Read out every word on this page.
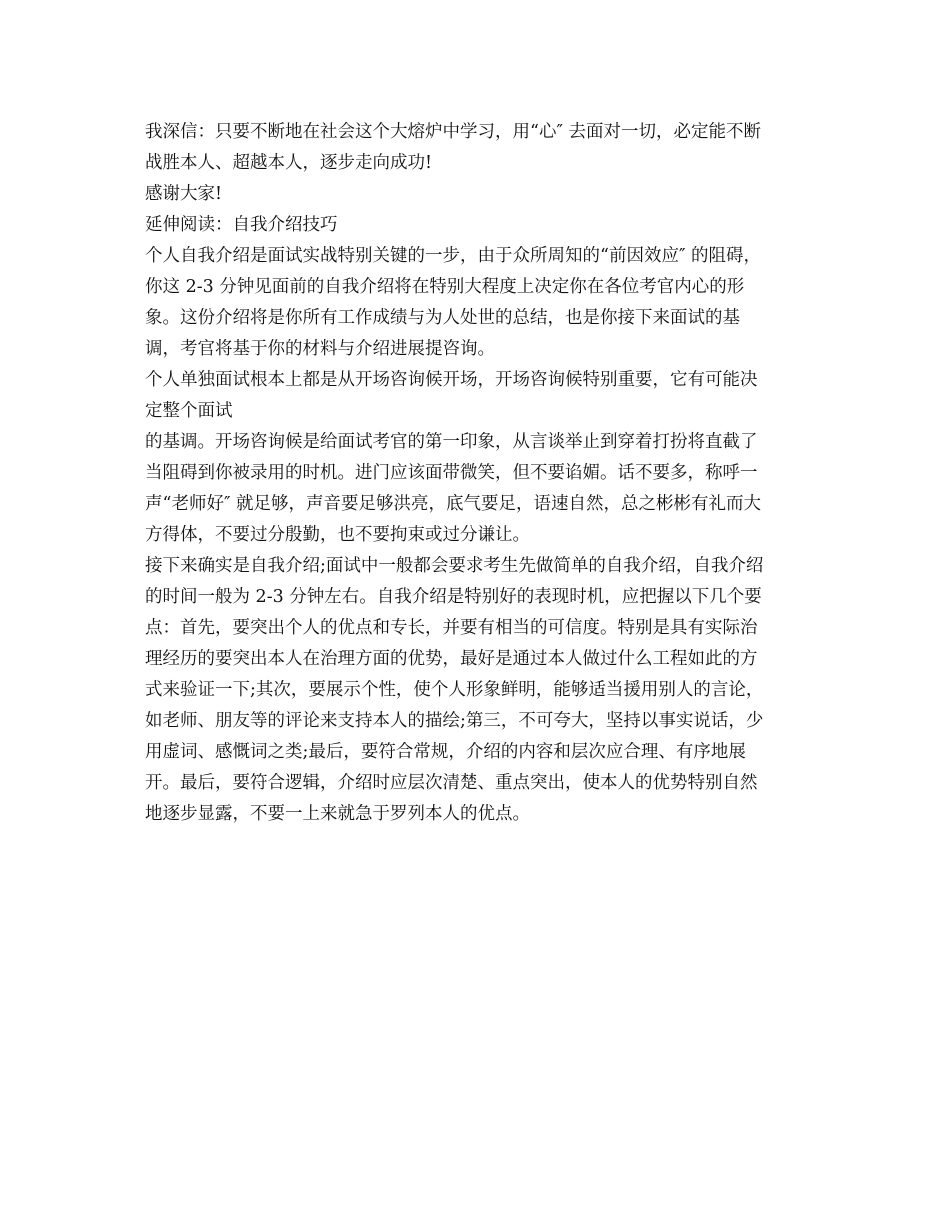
我深信：只要不断地在社会这个大熔炉中学习，用“心″ 去面对一切，必定能不断
战胜本人、超越本人，逐步走向成功!
感谢大家!
延伸阅读：自我介绍技巧
个人自我介绍是面试实战特别关键的一步，由于众所周知的“前因效应″ 的阻碍，
你这 2-3 分钟见面前的自我介绍将在特别大程度上决定你在各位考官内心的形
象。这份介绍将是你所有工作成绩与为人处世的总结，也是你接下来面试的基
调，考官将基于你的材料与介绍进展提咨询。
个人单独面试根本上都是从开场咨询候开场，开场咨询候特别重要，它有可能决
定整个面试
的基调。开场咨询候是给面试考官的第一印象，从言谈举止到穿着打扮将直截了
当阻碍到你被录用的时机。进门应该面带微笑，但不要谄媚。话不要多，称呼一
声“老师好″ 就足够，声音要足够洪亮，底气要足，语速自然，总之彬彬有礼而大
方得体，不要过分殷勤，也不要拘束或过分谦让。
接下来确实是自我介绍;面试中一般都会要求考生先做简单的自我介绍，自我介绍
的时间一般为 2-3 分钟左右。自我介绍是特别好的表现时机，应把握以下几个要
点：首先，要突出个人的优点和专长，并要有相当的可信度。特别是具有实际治
理经历的要突出本人在治理方面的优势，最好是通过本人做过什么工程如此的方
式来验证一下;其次，要展示个性，使个人形象鲜明，能够适当援用别人的言论，
如老师、朋友等的评论来支持本人的描绘;第三，不可夸大，坚持以事实说话，少
用虚词、感慨词之类;最后，要符合常规，介绍的内容和层次应合理、有序地展
开。最后，要符合逻辑，介绍时应层次清楚、重点突出，使本人的优势特别自然
地逐步显露，不要一上来就急于罗列本人的优点。
